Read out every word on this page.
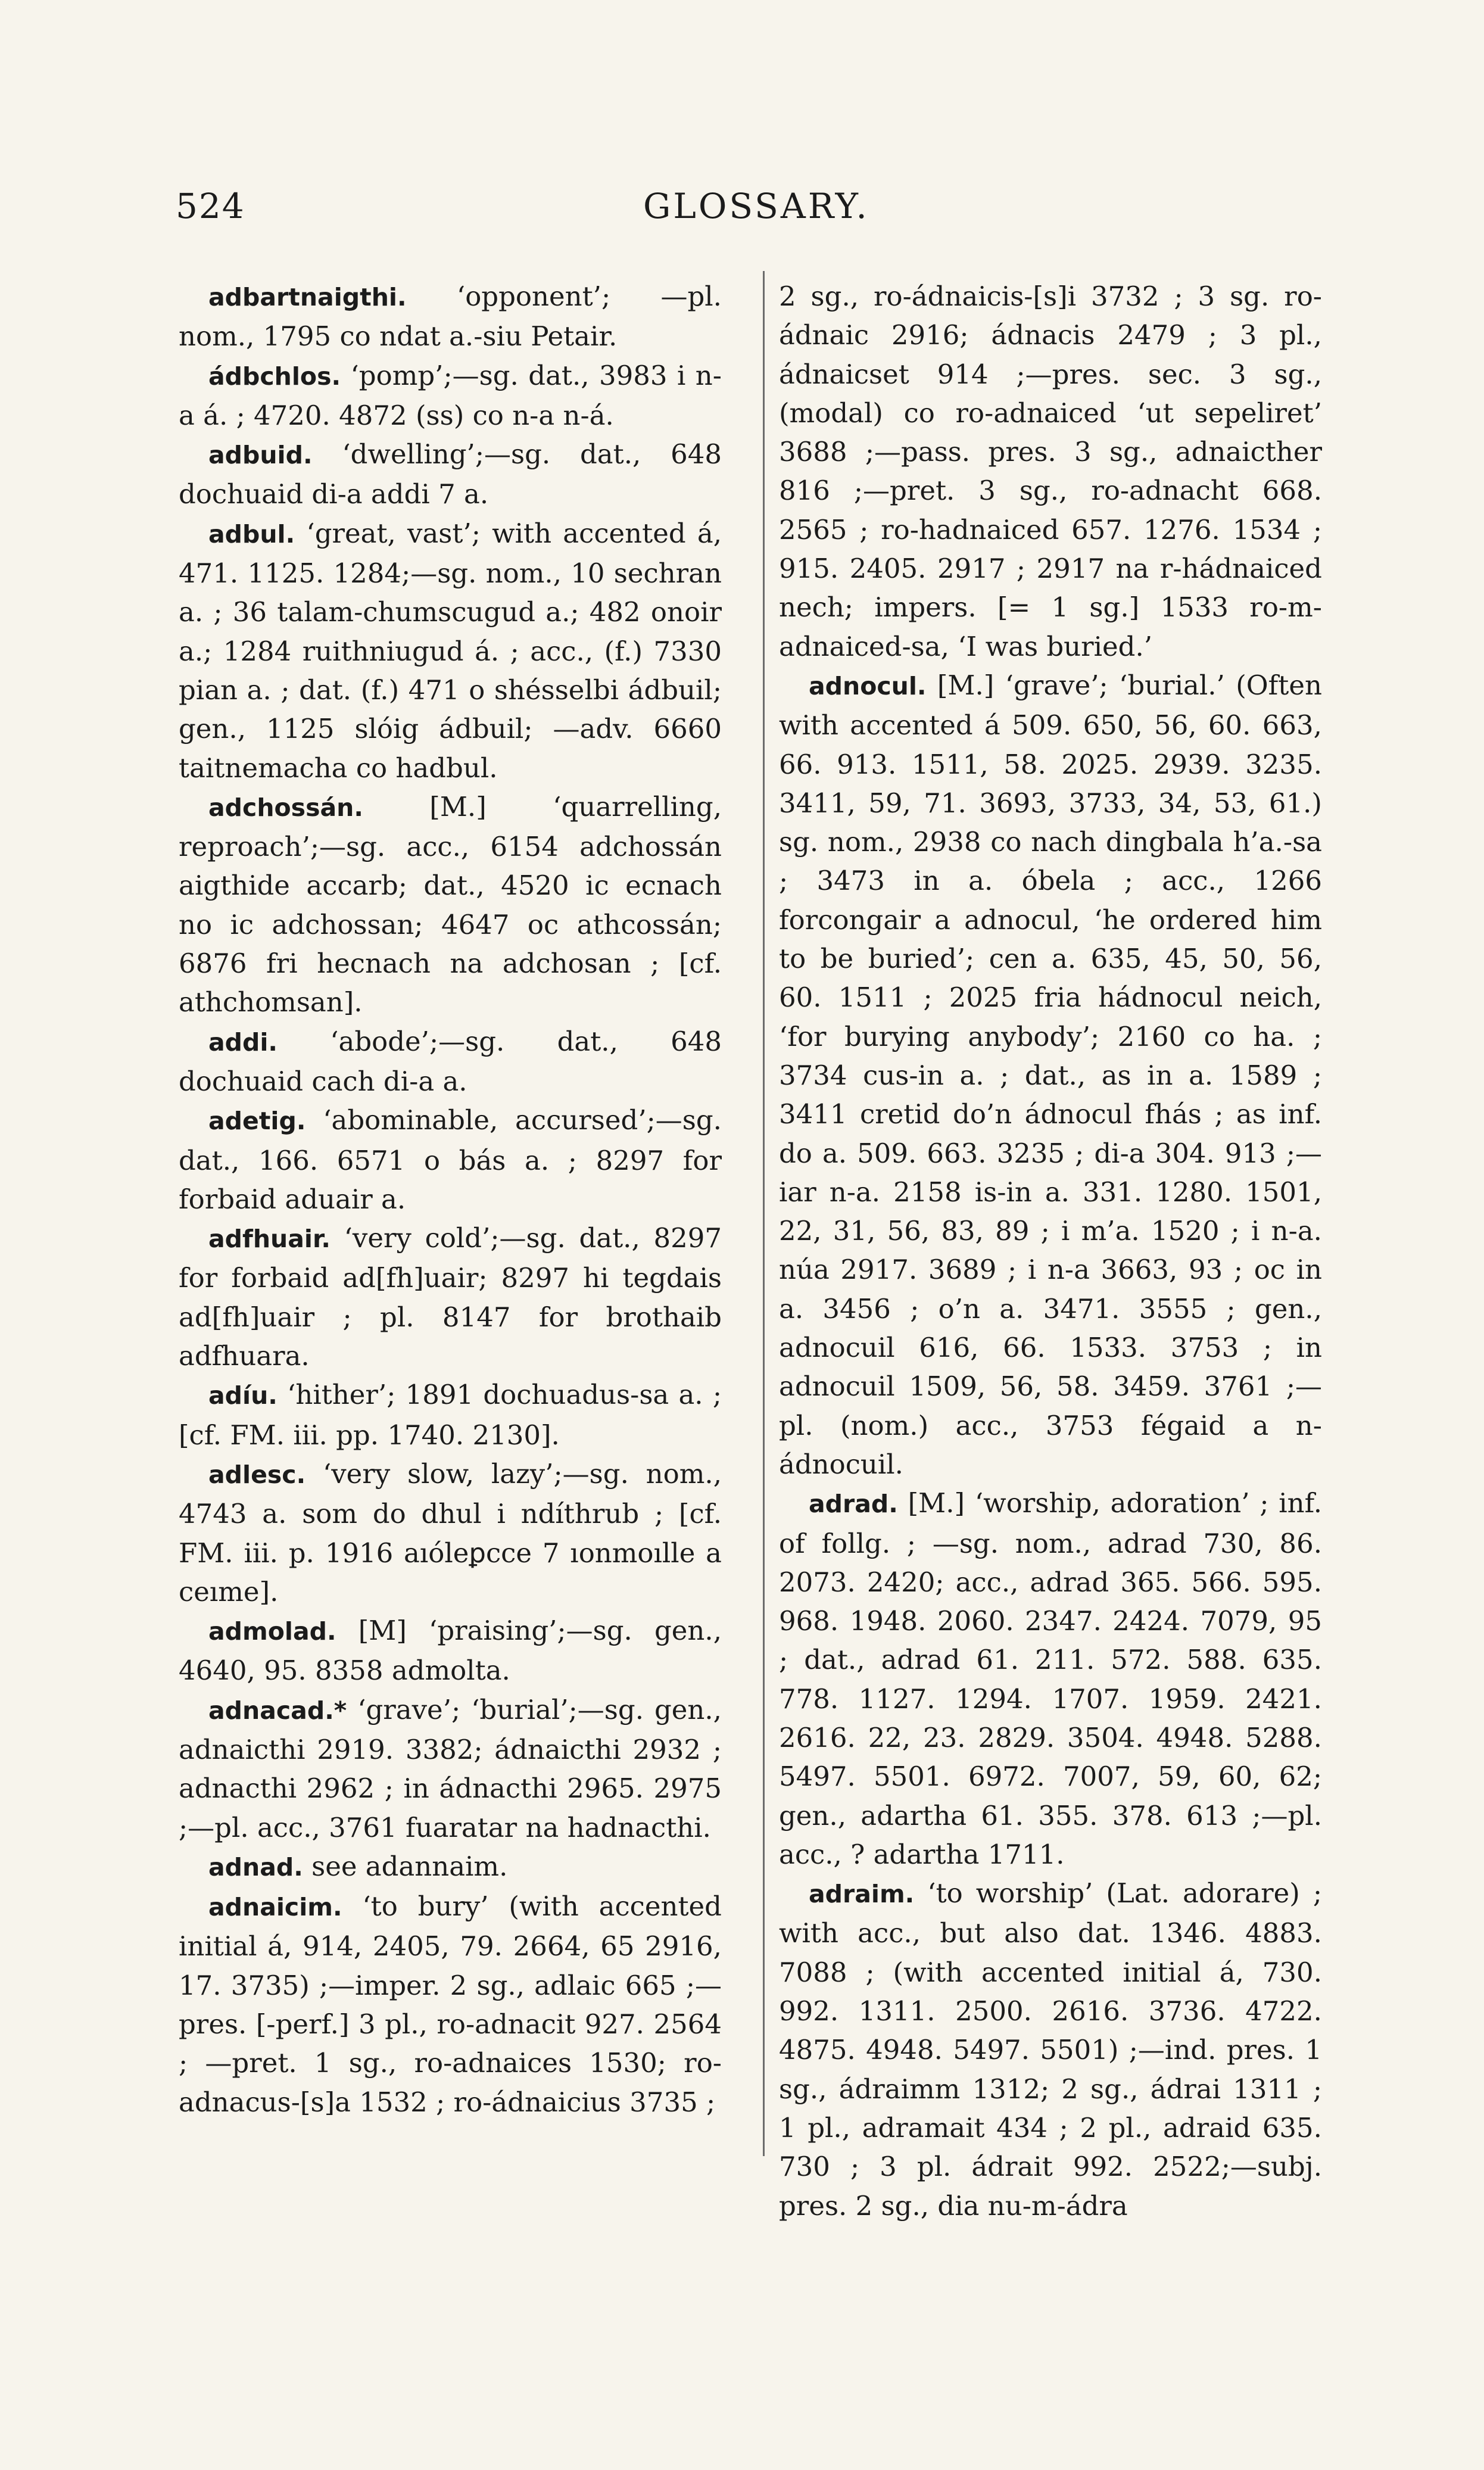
524	GLOSSARY.

adbartnaigthi. ‘opponent’; —pl. nom., 1795 co ndat a.-siu Petair.

ádbchlos. ‘pomp’;—sg. dat., 3983 i n-a á. ; 4720. 4872 (ss) co n-a n-á.

adbuid. ‘dwelling’;—sg. dat., 648 dochuaid di-a addi 7 a.

adbul. ‘great, vast’; with accented á, 471. 1125. 1284;—sg. nom., 10 sechran a. ; 36 talam-chumscugud a.; 482 onoir a.; 1284 ruithniugud á. ; acc., (f.) 7330 pian a. ; dat. (f.) 471 o shésselbi ádbuil; gen., 1125 slóig ádbuil; —adv. 6660 taitnemacha co hadbul.

adchossán. [M.] ‘quarrelling, reproach’;—sg. acc., 6154 adchossán aigthide accarb; dat., 4520 ic ecnach no ic adchossan; 4647 oc athcossán; 6876 fri hecnach na adchosan ; [cf. athchomsan].

addi. ‘abode’;—sg. dat., 648 dochuaid cach di-a a.

adetig. ‘abominable, accursed’;—sg. dat., 166. 6571 o bás a. ; 8297 for forbaid aduair a.

adfhuair. ‘very cold’;—sg. dat., 8297 for forbaid ad[fh]uair; 8297 hi tegdais ad[fh]uair ; pl. 8147 for brothaib adfhuara.

adíu. ‘hither’; 1891 dochuadus-sa a. ; [cf. FM. iii. pp. 1740. 2130].

adlesc. ‘very slow, lazy’;—sg. nom., 4743 a. som do dhul i ndíthrub ; [cf. FM. iii. p. 1916 aıóleꝑcce 7 ıonmoılle a ceıme].

admolad. [M] ‘praising’;—sg. gen., 4640, 95. 8358 admolta.

adnacad.* ‘grave’; ‘burial’;—sg. gen., adnaicthi 2919. 3382; ádnaicthi 2932 ; adnacthi 2962 ; in ádnacthi 2965. 2975 ;—pl. acc., 3761 fuaratar na hadnacthi.

adnad. see adannaim.

adnaicim. ‘to bury’ (with accented initial á, 914, 2405, 79. 2664, 65 2916, 17. 3735) ;—imper. 2 sg., adlaic 665 ;—pres. [-perf.] 3 pl., ro-adnacit 927. 2564 ; —pret. 1 sg., ro-adnaices 1530; ro-adnacus-[s]a 1532 ; ro-ádnaicius 3735 ;

2 sg., ro-ádnaicis-[s]i 3732 ; 3 sg. ro-ádnaic 2916; ádnacis 2479 ; 3 pl., ádnaicset 914 ;—pres. sec. 3 sg., (modal) co ro-adnaiced ‘ut sepeliret’ 3688 ;—pass. pres. 3 sg., adnaicther 816 ;—pret. 3 sg., ro-adnacht 668. 2565 ; ro-hadnaiced 657. 1276. 1534 ; 915. 2405. 2917 ; 2917 na r-hádnaiced nech; impers. [= 1 sg.] 1533 ro-m-adnaiced-sa, ‘I was buried.’

adnocul. [M.] ‘grave’; ‘burial.’ (Often with accented á 509. 650, 56, 60. 663, 66. 913. 1511, 58. 2025. 2939. 3235. 3411, 59, 71. 3693, 3733, 34, 53, 61.) sg. nom., 2938 co nach dingbala h’a.-sa ; 3473 in a. óbela ; acc., 1266 forcongair a adnocul, ‘he ordered him to be buried’; cen a. 635, 45, 50, 56, 60. 1511 ; 2025 fria hádnocul neich, ‘for burying anybody’; 2160 co ha. ; 3734 cus-in a. ; dat., as in a. 1589 ; 3411 cretid do’n ádnocul fhás ; as inf. do a. 509. 663. 3235 ; di-a 304. 913 ;—iar n-a. 2158 is-in a. 331. 1280. 1501, 22, 31, 56, 83, 89 ; i m’a. 1520 ; i n-a. núa 2917. 3689 ; i n-a 3663, 93 ; oc in a. 3456 ; o’n a. 3471. 3555 ; gen., adnocuil 616, 66. 1533. 3753 ; in adnocuil 1509, 56, 58. 3459. 3761 ;—pl. (nom.) acc., 3753 fégaid a n-ádnocuil.

adrad. [M.] ‘worship, adoration’ ; inf. of follg. ; —sg. nom., adrad 730, 86. 2073. 2420; acc., adrad 365. 566. 595. 968. 1948. 2060. 2347. 2424. 7079, 95 ; dat., adrad 61. 211. 572. 588. 635. 778. 1127. 1294. 1707. 1959. 2421. 2616. 22, 23. 2829. 3504. 4948. 5288. 5497. 5501. 6972. 7007, 59, 60, 62; gen., adartha 61. 355. 378. 613 ;—pl. acc., ? adartha 1711.

adraim. ‘to worship’ (Lat. adorare) ; with acc., but also dat. 1346. 4883. 7088 ; (with accented initial á, 730. 992. 1311. 2500. 2616. 3736. 4722. 4875. 4948. 5497. 5501) ;—ind. pres. 1 sg., ádraimm 1312; 2 sg., ádrai 1311 ; 1 pl., adramait 434 ; 2 pl., adraid 635. 730 ; 3 pl. ádrait 992. 2522;—subj. pres. 2 sg., dia nu-m-ádra
